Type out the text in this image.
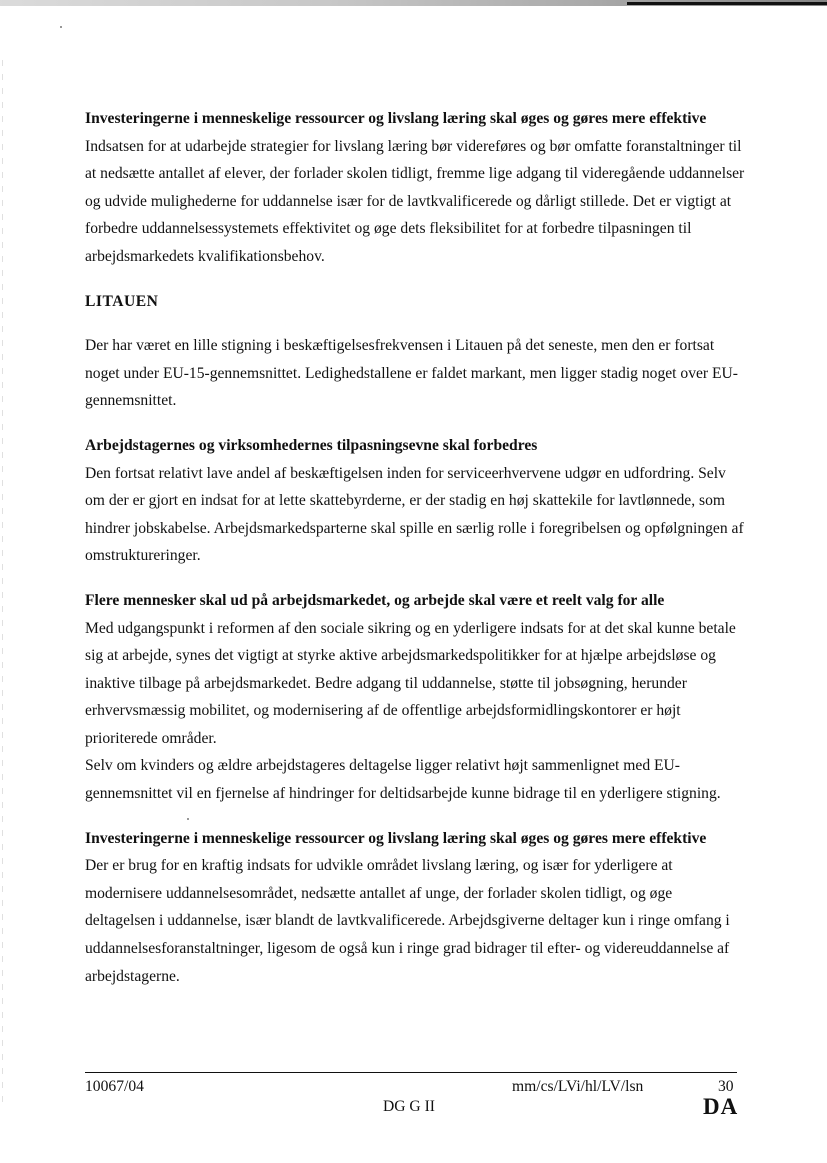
Investeringerne i menneskelige ressourcer og livslang læring skal øges og gøres mere effektive

Indsatsen for at udarbejde strategier for livslang læring bør videreføres og bør omfatte foranstaltninger til at nedsætte antallet af elever, der forlader skolen tidligt, fremme lige adgang til videregående uddannelser og udvide mulighederne for uddannelse især for de lavtkvalificerede og dårligt stillede. Det er vigtigt at forbedre uddannelsessystemets effektivitet og øge dets fleksibilitet for at forbedre tilpasningen til arbejdsmarkedets kvalifikationsbehov.

LITAUEN

Der har været en lille stigning i beskæftigelsesfrekvensen i Litauen på det seneste, men den er fortsat noget under EU-15-gennemsnittet. Ledighedstallene er faldet markant, men ligger stadig noget over EU-gennemsnittet.

Arbejdstagernes og virksomhedernes tilpasningsevne skal forbedres

Den fortsat relativt lave andel af beskæftigelsen inden for serviceerhvervene udgør en udfordring. Selv om der er gjort en indsat for at lette skattebyrderne, er der stadig en høj skattekile for lavtlønnede, som hindrer jobskabelse. Arbejdsmarkedsparterne skal spille en særlig rolle i foregribelsen og opfølgningen af omstruktureringer.

Flere mennesker skal ud på arbejdsmarkedet, og arbejde skal være et reelt valg for alle

Med udgangspunkt i reformen af den sociale sikring og en yderligere indsats for at det skal kunne betale sig at arbejde, synes det vigtigt at styrke aktive arbejdsmarkedspolitikker for at hjælpe arbejdsløse og inaktive tilbage på arbejdsmarkedet. Bedre adgang til uddannelse, støtte til jobsøgning, herunder erhvervsmæssig mobilitet, og modernisering af de offentlige arbejdsformidlingskontorer er højt prioriterede områder.

Selv om kvinders og ældre arbejdstageres deltagelse ligger relativt højt sammenlignet med EU-gennemsnittet vil en fjernelse af hindringer for deltidsarbejde kunne bidrage til en yderligere stigning.

Investeringerne i menneskelige ressourcer og livslang læring skal øges og gøres mere effektive

Der er brug for en kraftig indsats for udvikle området livslang læring, og især for yderligere at modernisere uddannelsesområdet, nedsætte antallet af unge, der forlader skolen tidligt, og øge deltagelsen i uddannelse, især blandt de lavtkvalificerede. Arbejdsgiverne deltager kun i ringe omfang i uddannelsesforanstaltninger, ligesom de også kun i ringe grad bidrager til efter- og videreuddannelse af arbejdstagerne.

10067/04	mm/cs/LVi/hl/LV/lsn	30
DG G II	DA
